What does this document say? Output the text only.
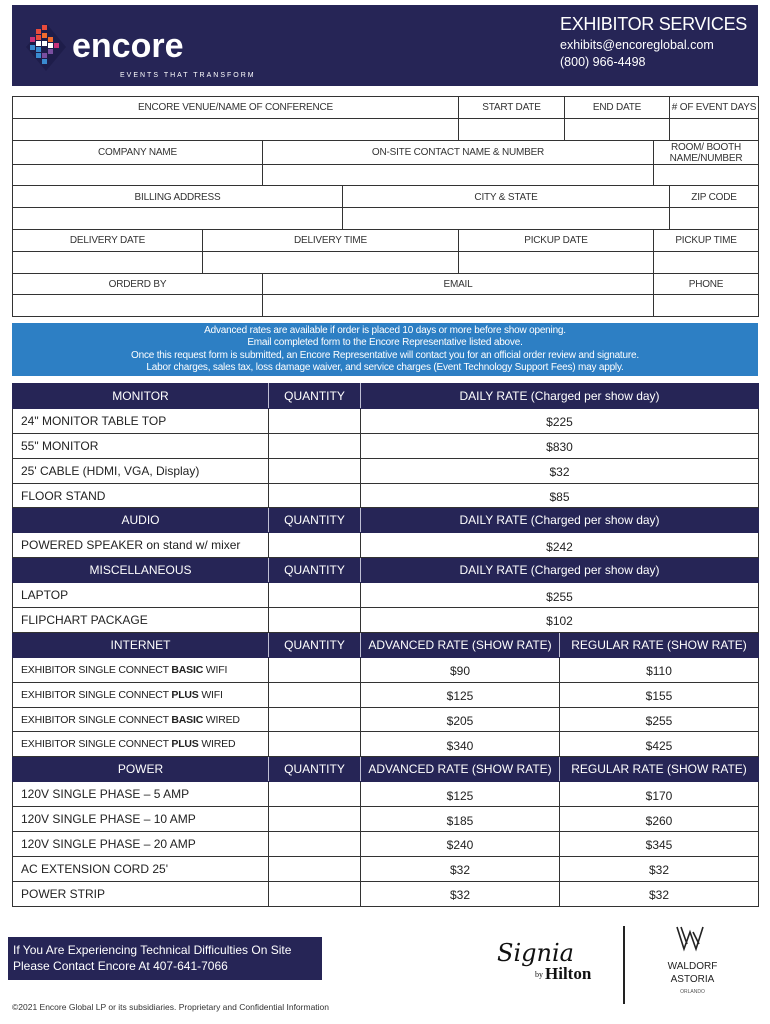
encore
EVENTS THAT TRANSFORM
EXHIBITOR SERVICES
exhibits@encoreglobal.com
(800) 966-4498
ENCORE VENUE/NAME OF CONFERENCE				START DATE	END DATE		# OF EVENT DAYS

COMPANY NAME		ON-SITE CONTACT NAME & NUMBER				ROOM/ BOOTH NAME/NUMBER	

BILLING ADDRESS			CITY & STATE				ZIP CODE

DELIVERY DATE	DELIVERY TIME			PICKUP DATE		PICKUP TIME	

ORDERD BY		EMAIL				PHONE	

Advanced rates are available if order is placed 10 days or more before show opening.
Email completed form to the Encore Representative listed above.
Once this request form is submitted, an Encore Representative will contact you for an official order review and signature.
Labor charges, sales tax, loss damage waiver, and service charges (Event Technology Support Fees) may apply.
MONITOR	QUANTITY	DAILY RATE (Charged per show day)	
24" MONITOR TABLE TOP		$225	
55" MONITOR		$830	
25' CABLE (HDMI, VGA, Display)		$32	
FLOOR STAND		$85	
AUDIO	QUANTITY	DAILY RATE (Charged per show day)	
POWERED SPEAKER on stand w/ mixer		$242	
MISCELLANEOUS	QUANTITY	DAILY RATE (Charged per show day)	
LAPTOP		$255	
FLIPCHART PACKAGE		$102	
INTERNET	QUANTITY	ADVANCED RATE (SHOW RATE)	REGULAR RATE (SHOW RATE)
EXHIBITOR SINGLE CONNECT BASIC WIFI		$90	$110
EXHIBITOR SINGLE CONNECT PLUS WIFI		$125	$155
EXHIBITOR SINGLE CONNECT BASIC WIRED		$205	$255
EXHIBITOR SINGLE CONNECT PLUS WIRED		$340	$425
POWER	QUANTITY	ADVANCED RATE (SHOW RATE)	REGULAR RATE (SHOW RATE)
120V SINGLE PHASE – 5 AMP		$125	$170
120V SINGLE PHASE – 10 AMP		$185	$260
120V SINGLE PHASE – 20 AMP		$240	$345
AC EXTENSION CORD 25'		$32	$32
POWER STRIP		$32	$32
If You Are Experiencing Technical Difficulties On Site
Please Contact Encore At 407-641-7066	Signia
by Hilton	WALDORF
ASTORIA
ORLANDO
©2021 Encore Global LP or its subsidiaries. Proprietary and Confidential Information
